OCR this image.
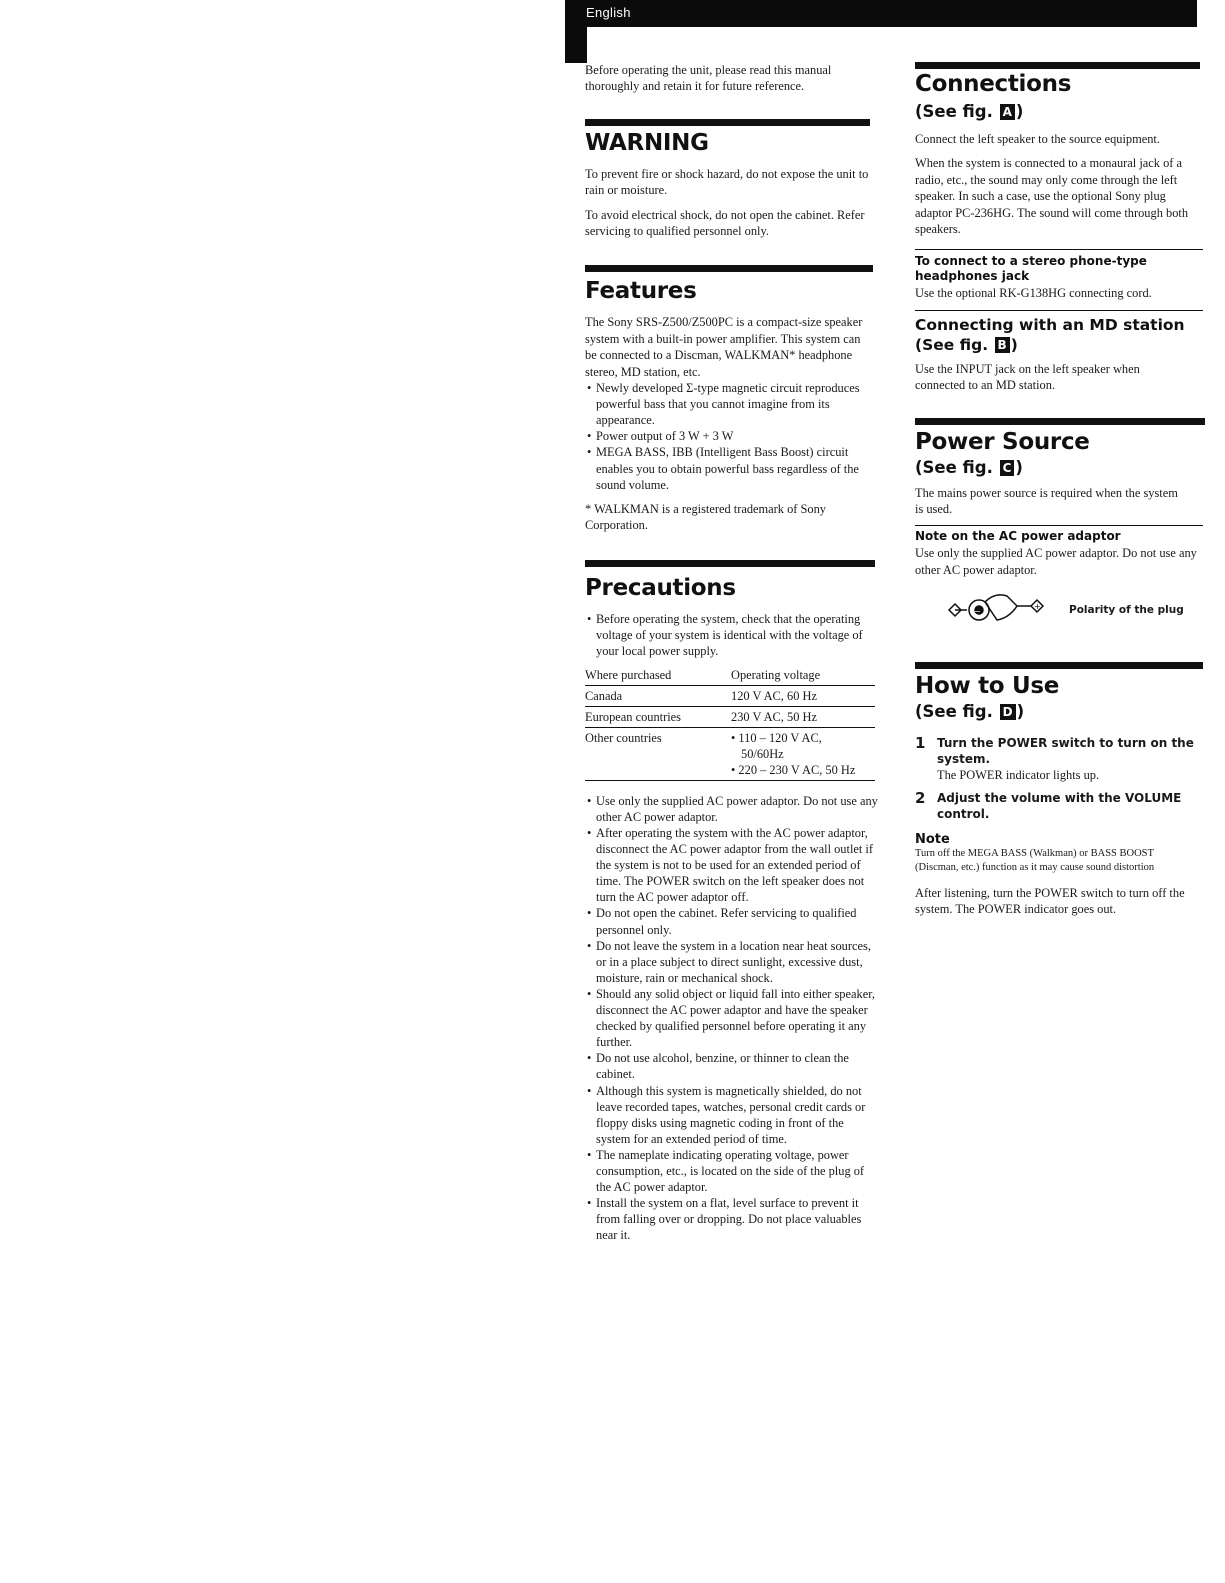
English

Before operating the unit, please read this manual thoroughly and retain it for future reference.

WARNING

To prevent fire or shock hazard, do not expose the unit to rain or moisture.

To avoid electrical shock, do not open the cabinet. Refer servicing to qualified personnel only.

Features

The Sony SRS-Z500/Z500PC is a compact-size speaker system with a built-in power amplifier. This system can be connected to a Discman, WALKMAN* headphone stereo, MD station, etc.

• Newly developed Σ-type magnetic circuit reproduces powerful bass that you cannot imagine from its appearance.
• Power output of 3 W + 3 W
• MEGA BASS, IBB (Intelligent Bass Boost) circuit enables you to obtain powerful bass regardless of the sound volume.

* WALKMAN is a registered trademark of Sony Corporation.

Precautions
• Before operating the system, check that the operating voltage of your system is identical with the voltage of your local power supply.
Where purchased	Operating voltage
Canada	120 V AC, 60 Hz
European countries	230 V AC, 50 Hz
Other countries	• 110 – 120 V AC,
50/60Hz
• 220 – 230 V AC, 50 Hz
• Use only the supplied AC power adaptor. Do not use any other AC power adaptor.
• After operating the system with the AC power adaptor, disconnect the AC power adaptor from the wall outlet if the system is not to be used for an extended period of time. The POWER switch on the left speaker does not turn the AC power adaptor off.
• Do not open the cabinet. Refer servicing to qualified personnel only.
• Do not leave the system in a location near heat sources, or in a place subject to direct sunlight, excessive dust, moisture, rain or mechanical shock.
• Should any solid object or liquid fall into either speaker, disconnect the AC power adaptor and have the speaker checked by qualified personnel before operating it any further.
• Do not use alcohol, benzine, or thinner to clean the cabinet.
• Although this system is magnetically shielded, do not leave recorded tapes, watches, personal credit cards or floppy disks using magnetic coding in front of the system for an extended period of time.
• The nameplate indicating operating voltage, power consumption, etc., is located on the side of the plug of the AC power adaptor.
• Install the system on a flat, level surface to prevent it from falling over or dropping. Do not place valuables near it.
Connections
(See fig. A )

Connect the left speaker to the source equipment.

When the system is connected to a monaural jack of a radio, etc., the sound may only come through the left speaker. In such a case, use the optional Sony plug adaptor PC-236HG. The sound will come through both speakers.

To connect to a stereo phone-type headphones jack

Use the optional RK-G138HG connecting cord.

Connecting with an MD station
(See fig. B )

Use the INPUT jack on the left speaker when connected to an MD station.

Power Source
(See fig. C )

The mains power source is required when the system is used.

Note on the AC power adaptor

Use only the supplied AC power adaptor. Do not use any other AC power adaptor.

−
+	Polarity of the plug
How to Use
(See fig. D )
1 Turn the POWER switch to turn on the system.

The POWER indicator lights up.

2 Adjust the volume with the VOLUME control.
Note

Turn off the MEGA BASS (Walkman) or BASS BOOST

(Discman, etc.) function as it may cause sound distortion

After listening, turn the POWER switch to turn off the system. The POWER indicator goes out.
